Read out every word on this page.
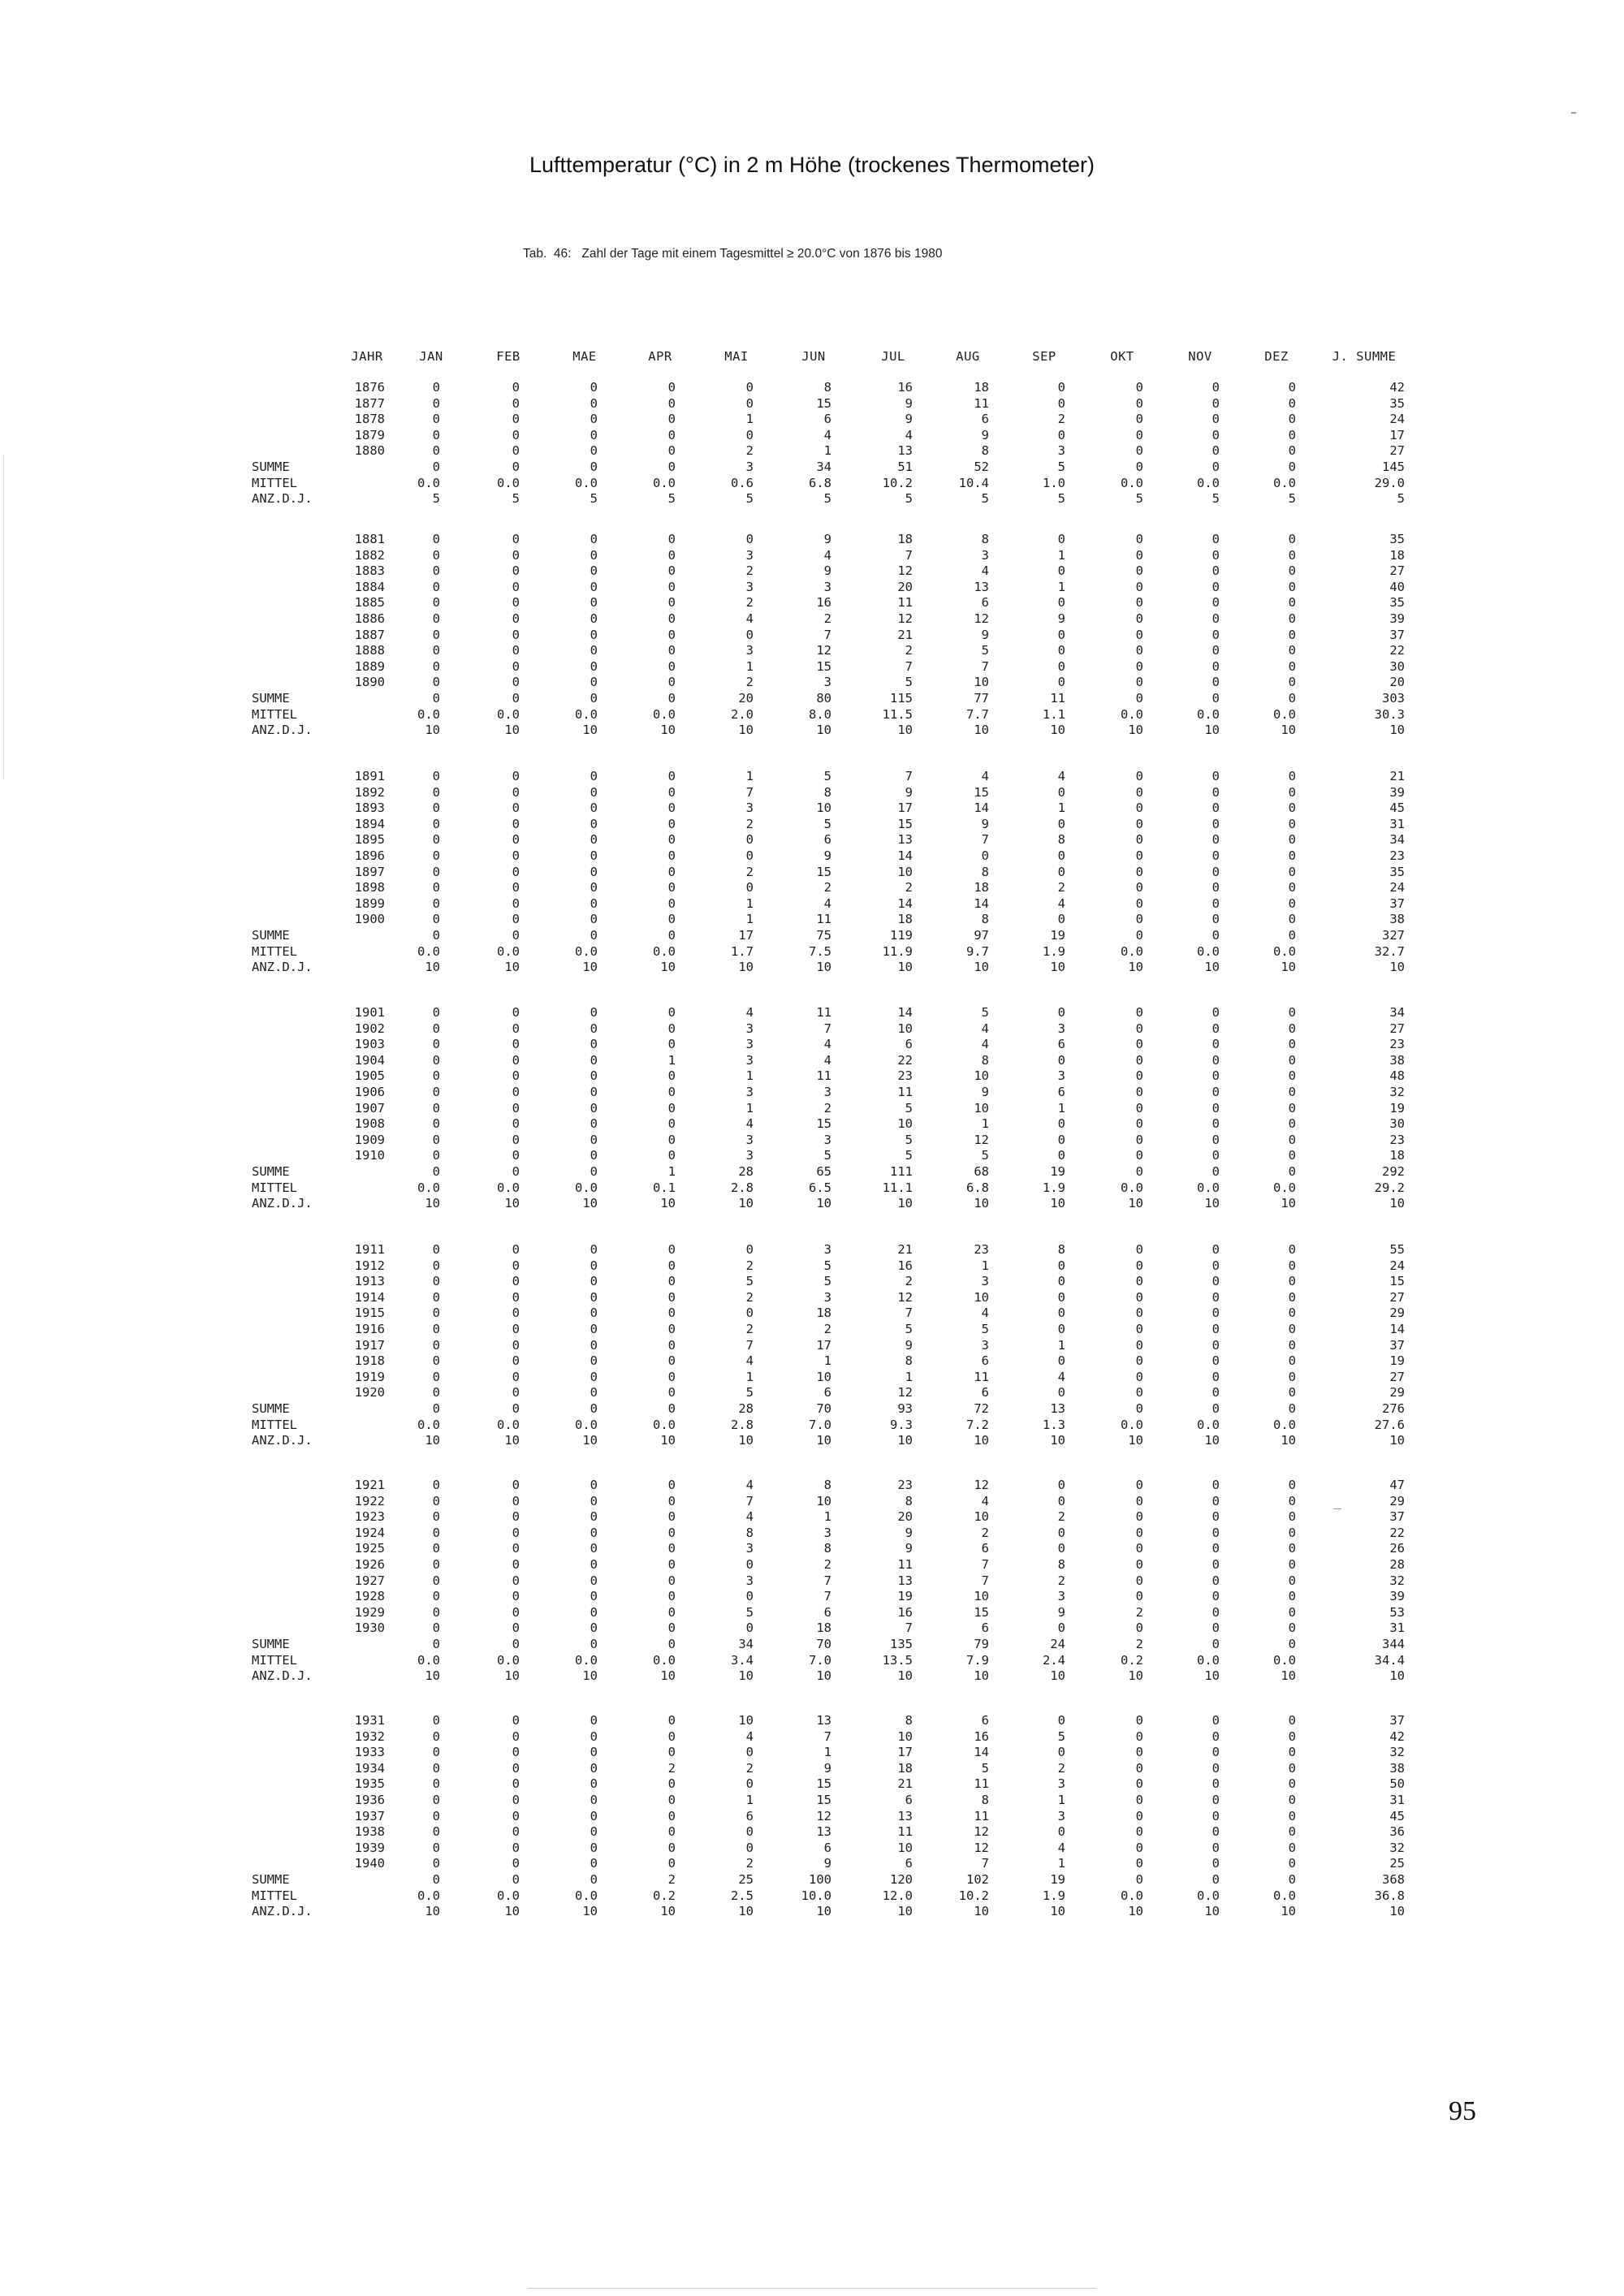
Lufttemperatur (°C) in 2 m Höhe (trockenes Thermometer)
Tab.  46:   Zahl der Tage mit einem Tagesmittel ≥ 20.0°C von 1876 bis 1980
JAHR	JAN	FEB	MAE	APR	MAI	JUN	JUL	AUG	SEP	OKT	NOV	DEZ	J. SUMME
1876	0	0	0	0	0	8	16	18	0	0	0	0	42
1877	0	0	0	0	0	15	9	11	0	0	0	0	35
1878	0	0	0	0	1	6	9	6	2	0	0	0	24
1879	0	0	0	0	0	4	4	9	0	0	0	0	17
1880	0	0	0	0	2	1	13	8	3	0	0	0	27
SUMME	0	0	0	0	3	34	51	52	5	0	0	0	145
MITTEL	0.0	0.0	0.0	0.0	0.6	6.8	10.2	10.4	1.0	0.0	0.0	0.0	29.0
ANZ.D.J.	5	5	5	5	5	5	5	5	5	5	5	5	5
1881	0	0	0	0	0	9	18	8	0	0	0	0	35
1882	0	0	0	0	3	4	7	3	1	0	0	0	18
1883	0	0	0	0	2	9	12	4	0	0	0	0	27
1884	0	0	0	0	3	3	20	13	1	0	0	0	40
1885	0	0	0	0	2	16	11	6	0	0	0	0	35
1886	0	0	0	0	4	2	12	12	9	0	0	0	39
1887	0	0	0	0	0	7	21	9	0	0	0	0	37
1888	0	0	0	0	3	12	2	5	0	0	0	0	22
1889	0	0	0	0	1	15	7	7	0	0	0	0	30
1890	0	0	0	0	2	3	5	10	0	0	0	0	20
SUMME	0	0	0	0	20	80	115	77	11	0	0	0	303
MITTEL	0.0	0.0	0.0	0.0	2.0	8.0	11.5	7.7	1.1	0.0	0.0	0.0	30.3
ANZ.D.J.	10	10	10	10	10	10	10	10	10	10	10	10	10
1891	0	0	0	0	1	5	7	4	4	0	0	0	21
1892	0	0	0	0	7	8	9	15	0	0	0	0	39
1893	0	0	0	0	3	10	17	14	1	0	0	0	45
1894	0	0	0	0	2	5	15	9	0	0	0	0	31
1895	0	0	0	0	0	6	13	7	8	0	0	0	34
1896	0	0	0	0	0	9	14	0	0	0	0	0	23
1897	0	0	0	0	2	15	10	8	0	0	0	0	35
1898	0	0	0	0	0	2	2	18	2	0	0	0	24
1899	0	0	0	0	1	4	14	14	4	0	0	0	37
1900	0	0	0	0	1	11	18	8	0	0	0	0	38
SUMME	0	0	0	0	17	75	119	97	19	0	0	0	327
MITTEL	0.0	0.0	0.0	0.0	1.7	7.5	11.9	9.7	1.9	0.0	0.0	0.0	32.7
ANZ.D.J.	10	10	10	10	10	10	10	10	10	10	10	10	10
1901	0	0	0	0	4	11	14	5	0	0	0	0	34
1902	0	0	0	0	3	7	10	4	3	0	0	0	27
1903	0	0	0	0	3	4	6	4	6	0	0	0	23
1904	0	0	0	1	3	4	22	8	0	0	0	0	38
1905	0	0	0	0	1	11	23	10	3	0	0	0	48
1906	0	0	0	0	3	3	11	9	6	0	0	0	32
1907	0	0	0	0	1	2	5	10	1	0	0	0	19
1908	0	0	0	0	4	15	10	1	0	0	0	0	30
1909	0	0	0	0	3	3	5	12	0	0	0	0	23
1910	0	0	0	0	3	5	5	5	0	0	0	0	18
SUMME	0	0	0	1	28	65	111	68	19	0	0	0	292
MITTEL	0.0	0.0	0.0	0.1	2.8	6.5	11.1	6.8	1.9	0.0	0.0	0.0	29.2
ANZ.D.J.	10	10	10	10	10	10	10	10	10	10	10	10	10
1911	0	0	0	0	0	3	21	23	8	0	0	0	55
1912	0	0	0	0	2	5	16	1	0	0	0	0	24
1913	0	0	0	0	5	5	2	3	0	0	0	0	15
1914	0	0	0	0	2	3	12	10	0	0	0	0	27
1915	0	0	0	0	0	18	7	4	0	0	0	0	29
1916	0	0	0	0	2	2	5	5	0	0	0	0	14
1917	0	0	0	0	7	17	9	3	1	0	0	0	37
1918	0	0	0	0	4	1	8	6	0	0	0	0	19
1919	0	0	0	0	1	10	1	11	4	0	0	0	27
1920	0	0	0	0	5	6	12	6	0	0	0	0	29
SUMME	0	0	0	0	28	70	93	72	13	0	0	0	276
MITTEL	0.0	0.0	0.0	0.0	2.8	7.0	9.3	7.2	1.3	0.0	0.0	0.0	27.6
ANZ.D.J.	10	10	10	10	10	10	10	10	10	10	10	10	10
1921	0	0	0	0	4	8	23	12	0	0	0	0	47
1922	0	0	0	0	7	10	8	4	0	0	0	0	29
1923	0	0	0	0	4	1	20	10	2	0	0	0	37
1924	0	0	0	0	8	3	9	2	0	0	0	0	22
1925	0	0	0	0	3	8	9	6	0	0	0	0	26
1926	0	0	0	0	0	2	11	7	8	0	0	0	28
1927	0	0	0	0	3	7	13	7	2	0	0	0	32
1928	0	0	0	0	0	7	19	10	3	0	0	0	39
1929	0	0	0	0	5	6	16	15	9	2	0	0	53
1930	0	0	0	0	0	18	7	6	0	0	0	0	31
SUMME	0	0	0	0	34	70	135	79	24	2	0	0	344
MITTEL	0.0	0.0	0.0	0.0	3.4	7.0	13.5	7.9	2.4	0.2	0.0	0.0	34.4
ANZ.D.J.	10	10	10	10	10	10	10	10	10	10	10	10	10
1931	0	0	0	0	10	13	8	6	0	0	0	0	37
1932	0	0	0	0	4	7	10	16	5	0	0	0	42
1933	0	0	0	0	0	1	17	14	0	0	0	0	32
1934	0	0	0	2	2	9	18	5	2	0	0	0	38
1935	0	0	0	0	0	15	21	11	3	0	0	0	50
1936	0	0	0	0	1	15	6	8	1	0	0	0	31
1937	0	0	0	0	6	12	13	11	3	0	0	0	45
1938	0	0	0	0	0	13	11	12	0	0	0	0	36
1939	0	0	0	0	0	6	10	12	4	0	0	0	32
1940	0	0	0	0	2	9	6	7	1	0	0	0	25
SUMME	0	0	0	2	25	100	120	102	19	0	0	0	368
MITTEL	0.0	0.0	0.0	0.2	2.5	10.0	12.0	10.2	1.9	0.0	0.0	0.0	36.8
ANZ.D.J.	10	10	10	10	10	10	10	10	10	10	10	10	10
95
